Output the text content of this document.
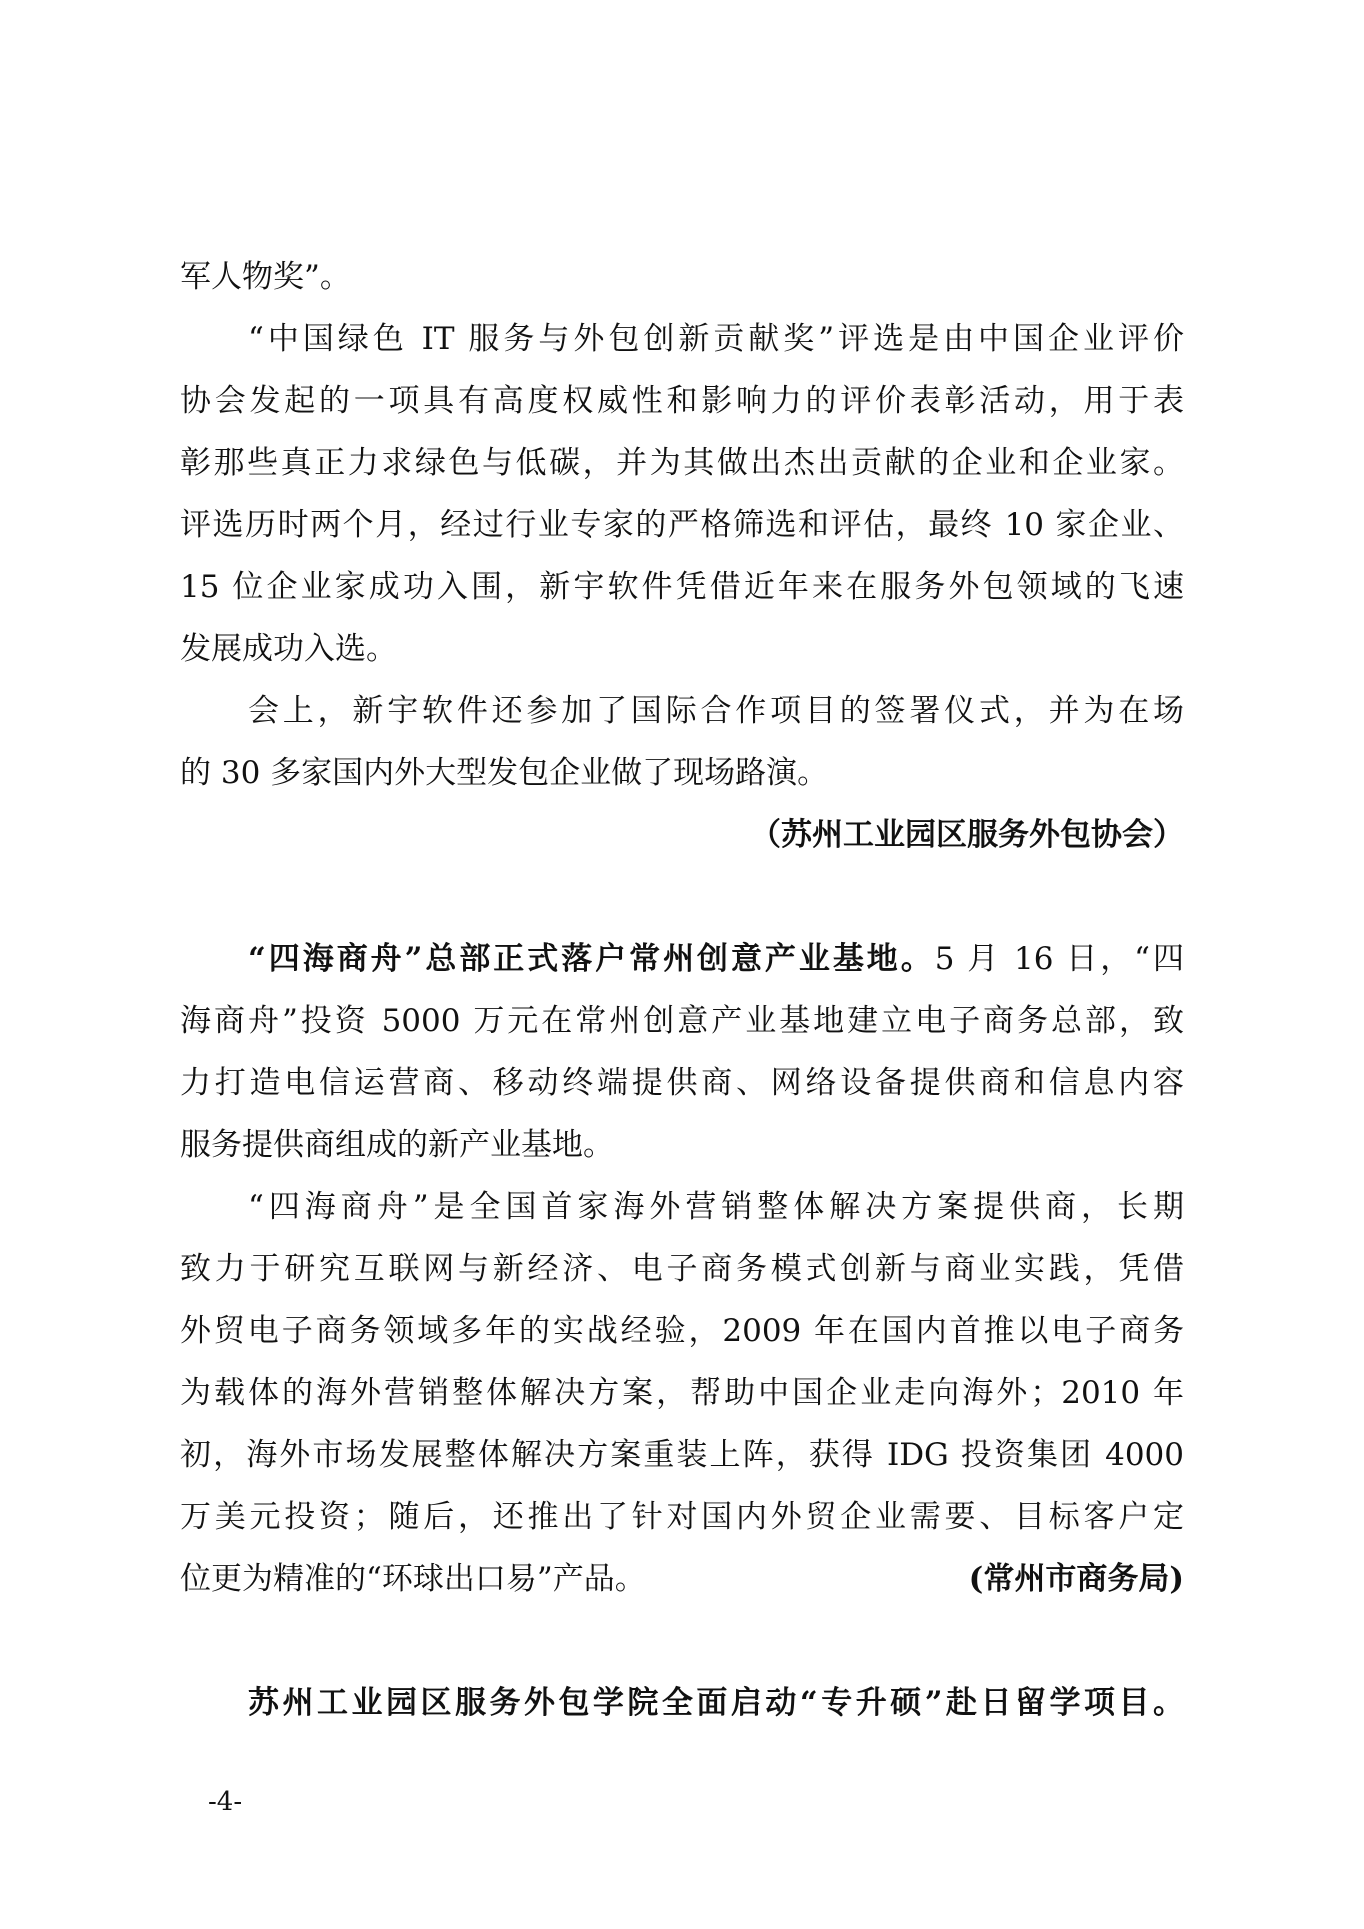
军人物奖”。
“中国绿色 IT 服务与外包创新贡献奖”评选是由中国企业评价
协会发起的一项具有高度权威性和影响力的评价表彰活动，用于表
彰那些真正力求绿色与低碳，并为其做出杰出贡献的企业和企业家。
评选历时两个月，经过行业专家的严格筛选和评估，最终 10 家企业、
15 位企业家成功入围，新宇软件凭借近年来在服务外包领域的飞速
发展成功入选。
会上，新宇软件还参加了国际合作项目的签署仪式，并为在场
的 30 多家国内外大型发包企业做了现场路演。
（苏州工业园区服务外包协会）
“四海商舟”总部正式落户常州创意产业基地。5 月 16 日，“四
海商舟”投资 5000 万元在常州创意产业基地建立电子商务总部，致
力打造电信运营商、移动终端提供商、网络设备提供商和信息内容
服务提供商组成的新产业基地。
“四海商舟”是全国首家海外营销整体解决方案提供商，长期
致力于研究互联网与新经济、电子商务模式创新与商业实践，凭借
外贸电子商务领域多年的实战经验，2009 年在国内首推以电子商务
为载体的海外营销整体解决方案，帮助中国企业走向海外；2010 年
初，海外市场发展整体解决方案重装上阵，获得 IDG 投资集团 4000
万美元投资；随后，还推出了针对国内外贸企业需要、目标客户定
位更为精准的“环球出口易”产品。	(常州市商务局)
苏州工业园区服务外包学院全面启动“专升硕”赴日留学项目。
-4-
